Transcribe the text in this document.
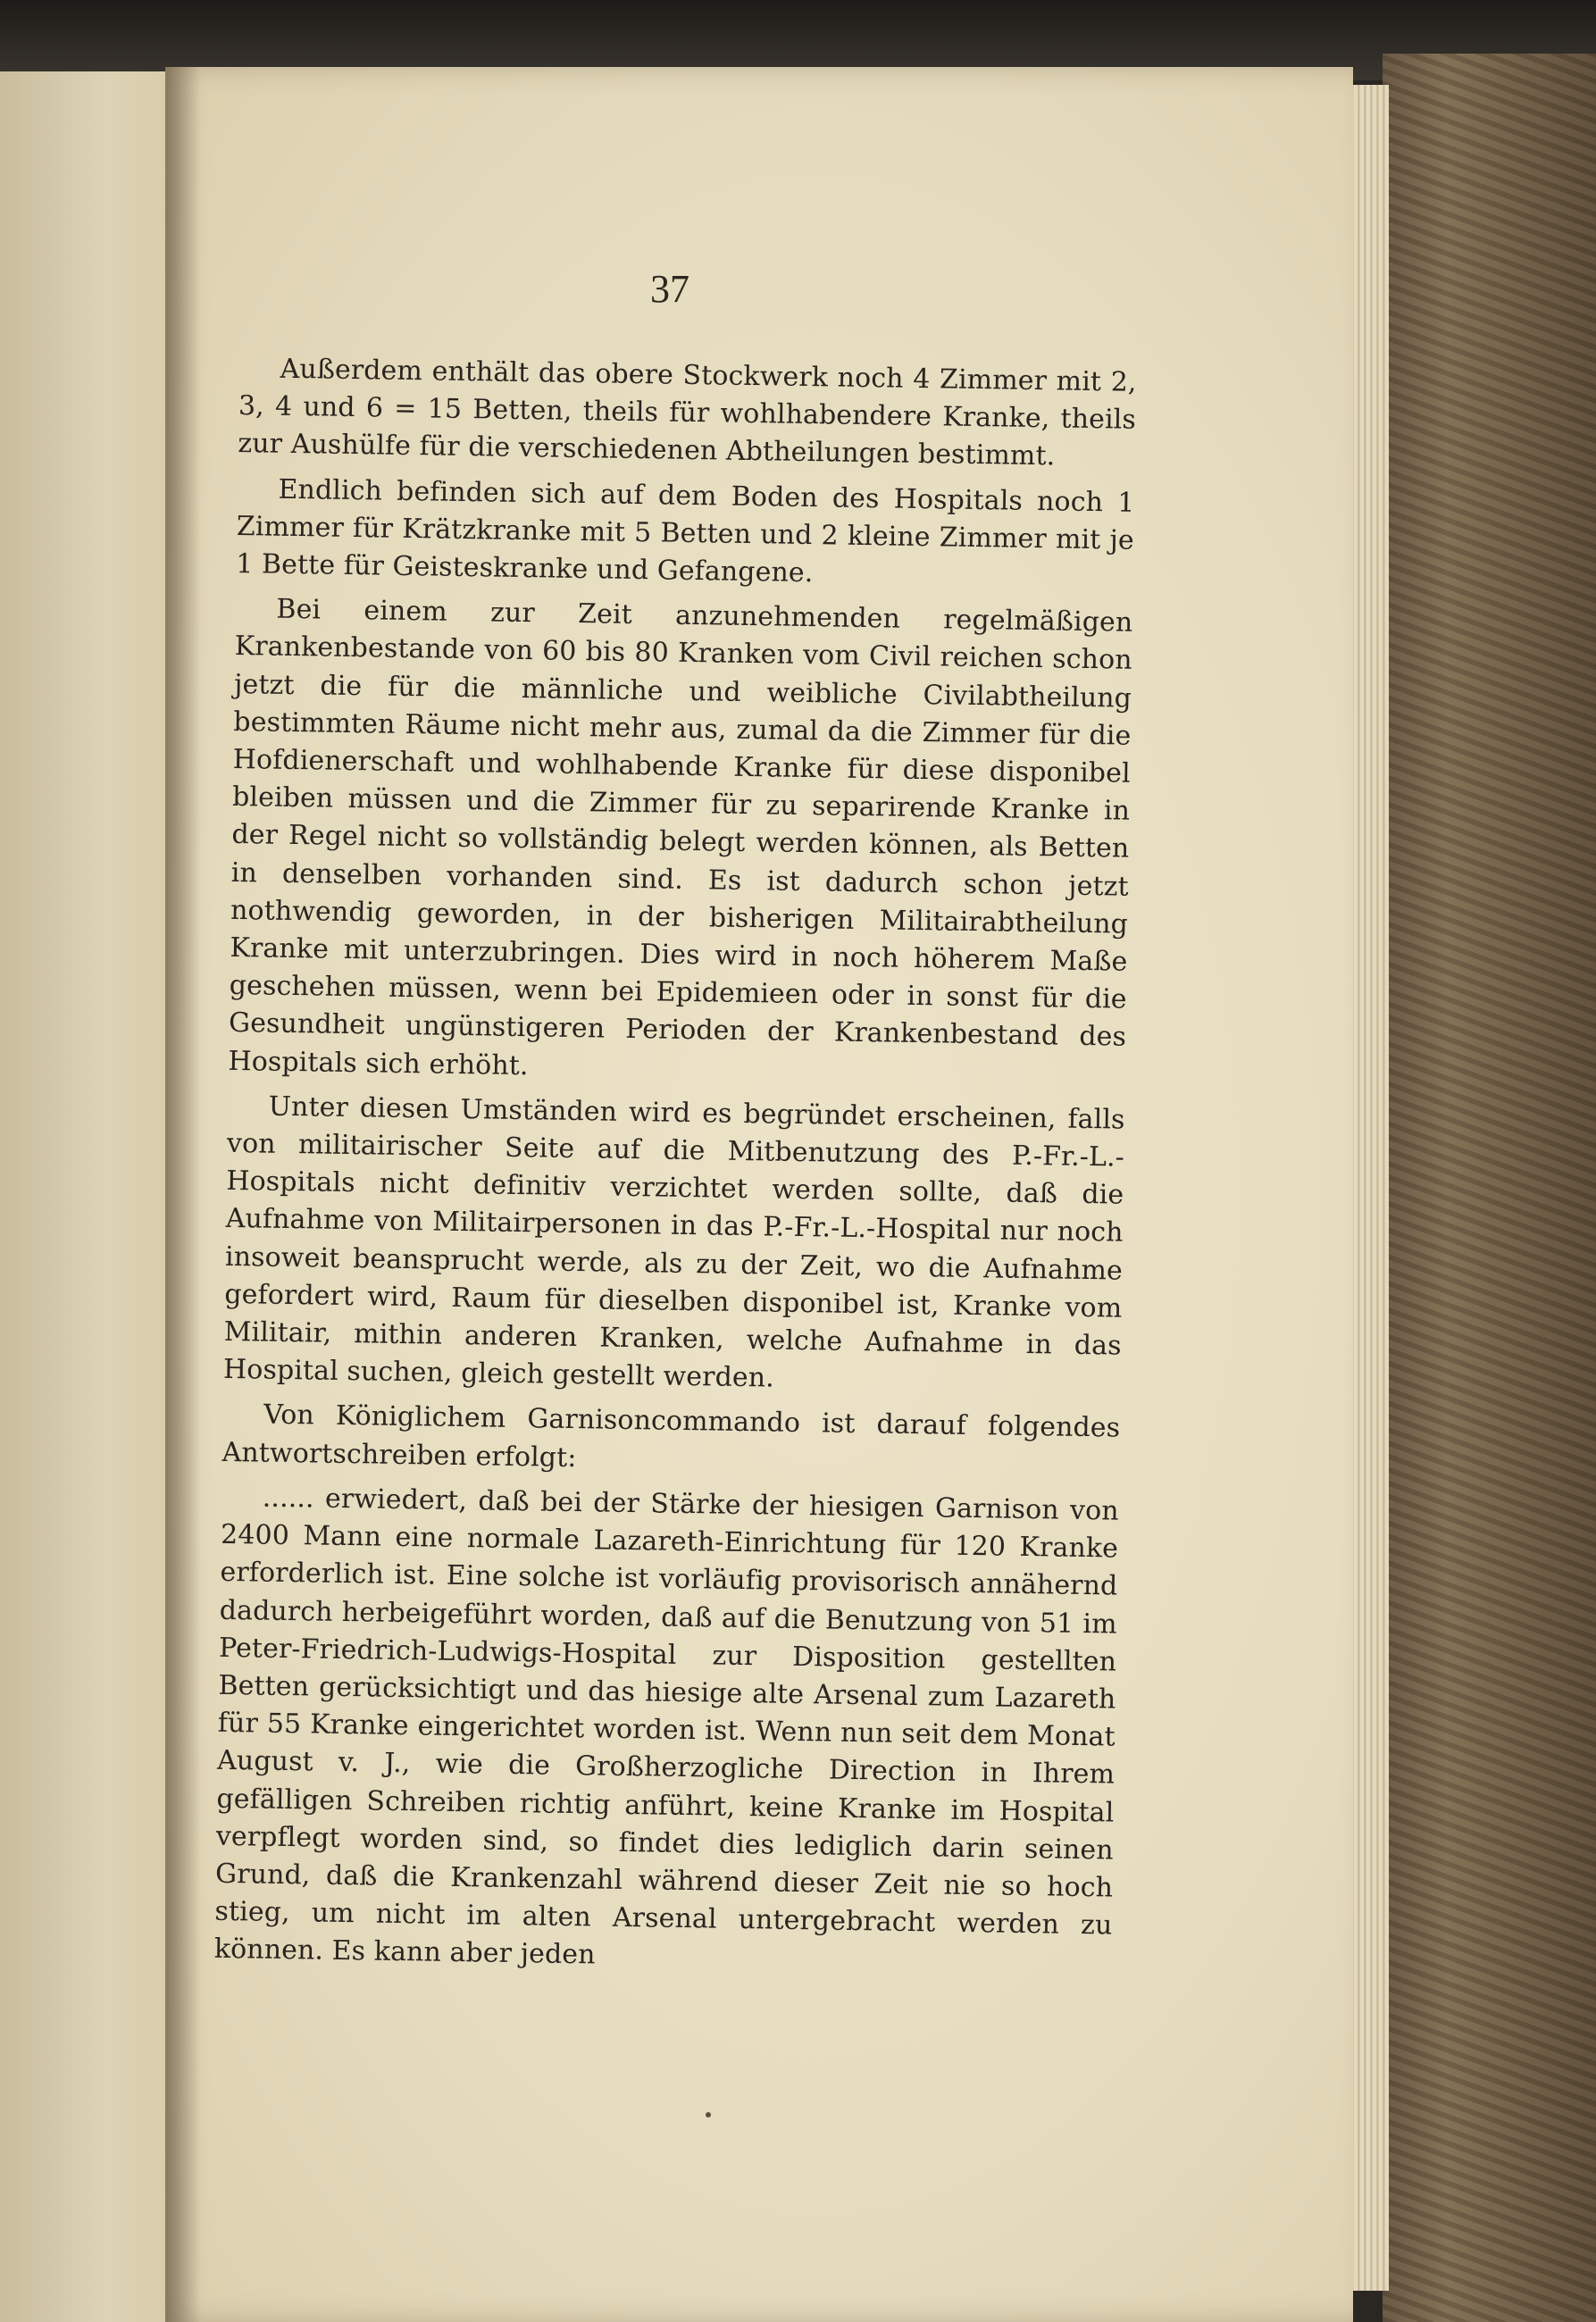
37

Außerdem enthält das obere Stockwerk noch 4 Zimmer mit 2, 3, 4 und 6 = 15 Betten, theils für wohlhabendere Kranke, theils zur Aushülfe für die verschiedenen Abtheilungen bestimmt.

Endlich befinden sich auf dem Boden des Hospitals noch 1 Zimmer für Krätzkranke mit 5 Betten und 2 kleine Zimmer mit je 1 Bette für Geisteskranke und Gefangene.

Bei einem zur Zeit anzunehmenden regelmäßigen Krankenbestande von 60 bis 80 Kranken vom Civil reichen schon jetzt die für die männliche und weibliche Civilabtheilung bestimmten Räume nicht mehr aus, zumal da die Zimmer für die Hofdienerschaft und wohlhabende Kranke für diese disponibel bleiben müssen und die Zimmer für zu separirende Kranke in der Regel nicht so vollständig belegt werden können, als Betten in denselben vorhanden sind. Es ist dadurch schon jetzt nothwendig geworden, in der bisherigen Militairabtheilung Kranke mit unterzubringen. Dies wird in noch höherem Maße geschehen müssen, wenn bei Epidemieen oder in sonst für die Gesundheit ungünstigeren Perioden der Krankenbestand des Hospitals sich erhöht.

Unter diesen Umständen wird es begründet erscheinen, falls von militairischer Seite auf die Mitbenutzung des P.-Fr.-L.-Hospitals nicht definitiv verzichtet werden sollte, daß die Aufnahme von Militairpersonen in das P.-Fr.-L.-Hospital nur noch insoweit beansprucht werde, als zu der Zeit, wo die Aufnahme gefordert wird, Raum für dieselben disponibel ist, Kranke vom Militair, mithin anderen Kranken, welche Aufnahme in das Hospital suchen, gleich gestellt werden.

Von Königlichem Garnisoncommando ist darauf folgendes Antwortschreiben erfolgt:

...... erwiedert, daß bei der Stärke der hiesigen Garnison von 2400 Mann eine normale Lazareth-Einrichtung für 120 Kranke erforderlich ist. Eine solche ist vorläufig provisorisch annähernd dadurch herbeigeführt worden, daß auf die Benutzung von 51 im Peter-Friedrich-Ludwigs-Hospital zur Disposition gestellten Betten gerücksichtigt und das hiesige alte Arsenal zum Lazareth für 55 Kranke eingerichtet worden ist. Wenn nun seit dem Monat August v. J., wie die Großherzogliche Direction in Ihrem gefälligen Schreiben richtig anführt, keine Kranke im Hospital verpflegt worden sind, so findet dies lediglich darin seinen Grund, daß die Krankenzahl während dieser Zeit nie so hoch stieg, um nicht im alten Arsenal untergebracht werden zu können. Es kann aber jeden
